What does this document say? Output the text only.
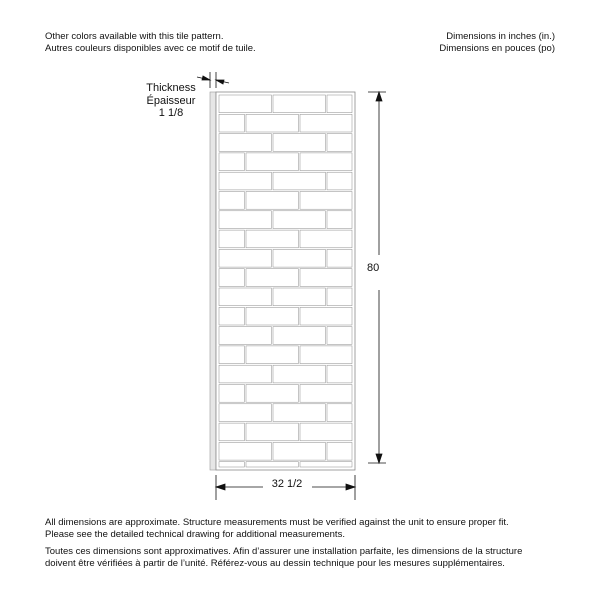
Other colors available with this tile pattern.
Autres couleurs disponibles avec ce motif de tuile.
Dimensions in inches (in.)
Dimensions en pouces (po)
Thickness
Épaisseur
1 1/8
80
32 1/2
All dimensions are approximate. Structure measurements must be verified against the unit to ensure proper fit.
Please see the detailed technical drawing for additional measurements.
Toutes ces dimensions sont approximatives. Afin d’assurer une installation parfaite, les dimensions de la structure
doivent être vérifiées à partir de l’unité. Référez-vous au dessin technique pour les mesures supplémentaires.
